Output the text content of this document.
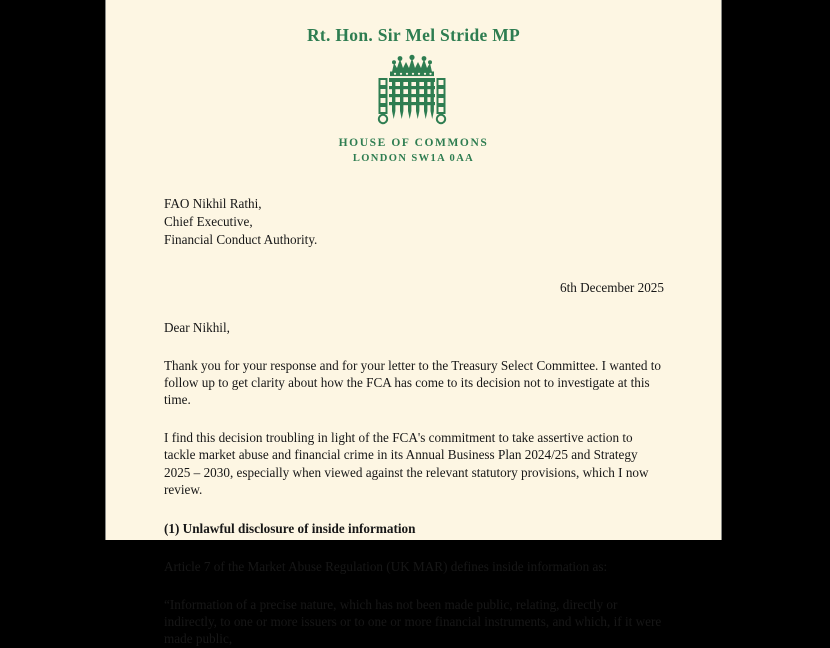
Rt. Hon. Sir Mel Stride MP
HOUSE OF COMMONS
LONDON SW1A 0AA
FAO Nikhil Rathi,
Chief Executive,
Financial Conduct Authority.
6th December 2025
Dear Nikhil,

Thank you for your response and for your letter to the Treasury Select Committee. I wanted to follow up to get clarity about how the FCA has come to its decision not to investigate at this time.

I find this decision troubling in light of the FCA's commitment to take assertive action to tackle market abuse and financial crime in its Annual Business Plan 2024/25 and Strategy 2025 – 2030, especially when viewed against the relevant statutory provisions, which I now review.

(1) Unlawful disclosure of inside information

Article 7 of the Market Abuse Regulation (UK MAR) defines inside information as:

“Information of a precise nature, which has not been made public, relating, directly or indirectly, to one or more issuers or to one or more financial instruments, and which, if it were made public,
